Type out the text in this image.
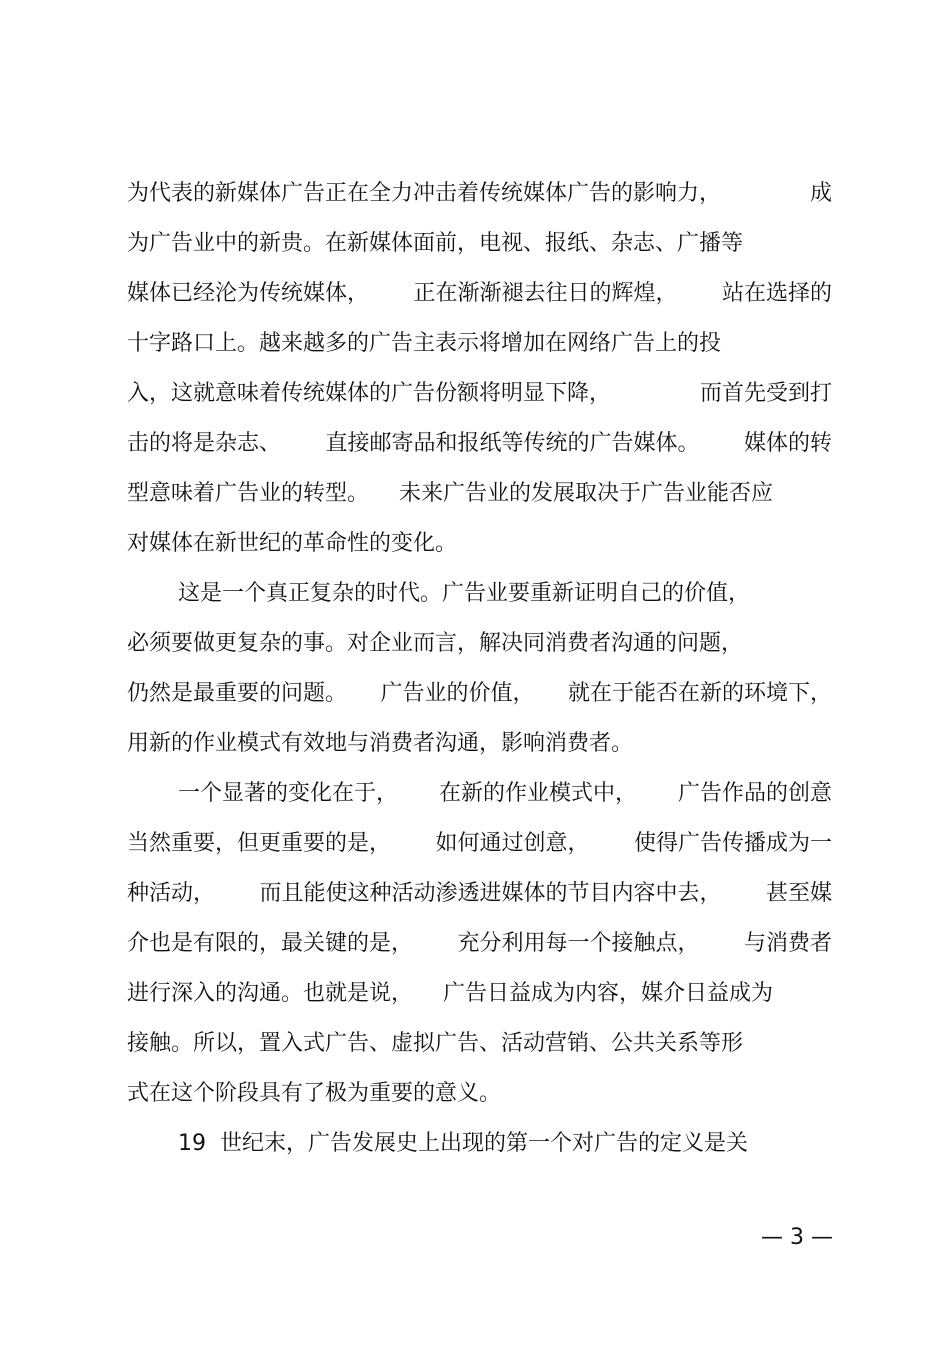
为代表的新媒体广告正在全力冲击着传统媒体广告的影响力，	成
为广告业中的新贵。在新媒体面前，电视、报纸、杂志、广播等
媒体已经沦为传统媒体， 正在渐渐褪去往日的辉煌， 站在选择的
十字路口上。越来越多的广告主表示将增加在网络广告上的投
入，这就意味着传统媒体的广告份额将明显下降，	而首先受到打
击的将是杂志、 直接邮寄品和报纸等传统的广告媒体。 媒体的转
型意味着广告业的转型。 未来广告业的发展取决于广告业能否应
对媒体在新世纪的革命性的变化。
这是一个真正复杂的时代。广告业要重新证明自己的价值，
必须要做更复杂的事。对企业而言，解决同消费者沟通的问题，
仍然是最重要的问题。 广告业的价值， 就在于能否在新的环境下，
用新的作业模式有效地与消费者沟通，影响消费者。
一个显著的变化在于， 在新的作业模式中， 广告作品的创意
当然重要，但更重要的是， 如何通过创意， 使得广告传播成为一
种活动， 而且能使这种活动渗透进媒体的节目内容中去， 甚至媒
介也是有限的，最关键的是， 充分利用每一个接触点， 与消费者
进行深入的沟通。也就是说， 广告日益成为内容，媒介日益成为
接触。所以，置入式广告、虚拟广告、活动营销、公共关系等形
式在这个阶段具有了极为重要的意义。
19  世纪末，广告发展史上出现的第一个对广告的定义是关
— 3 —
